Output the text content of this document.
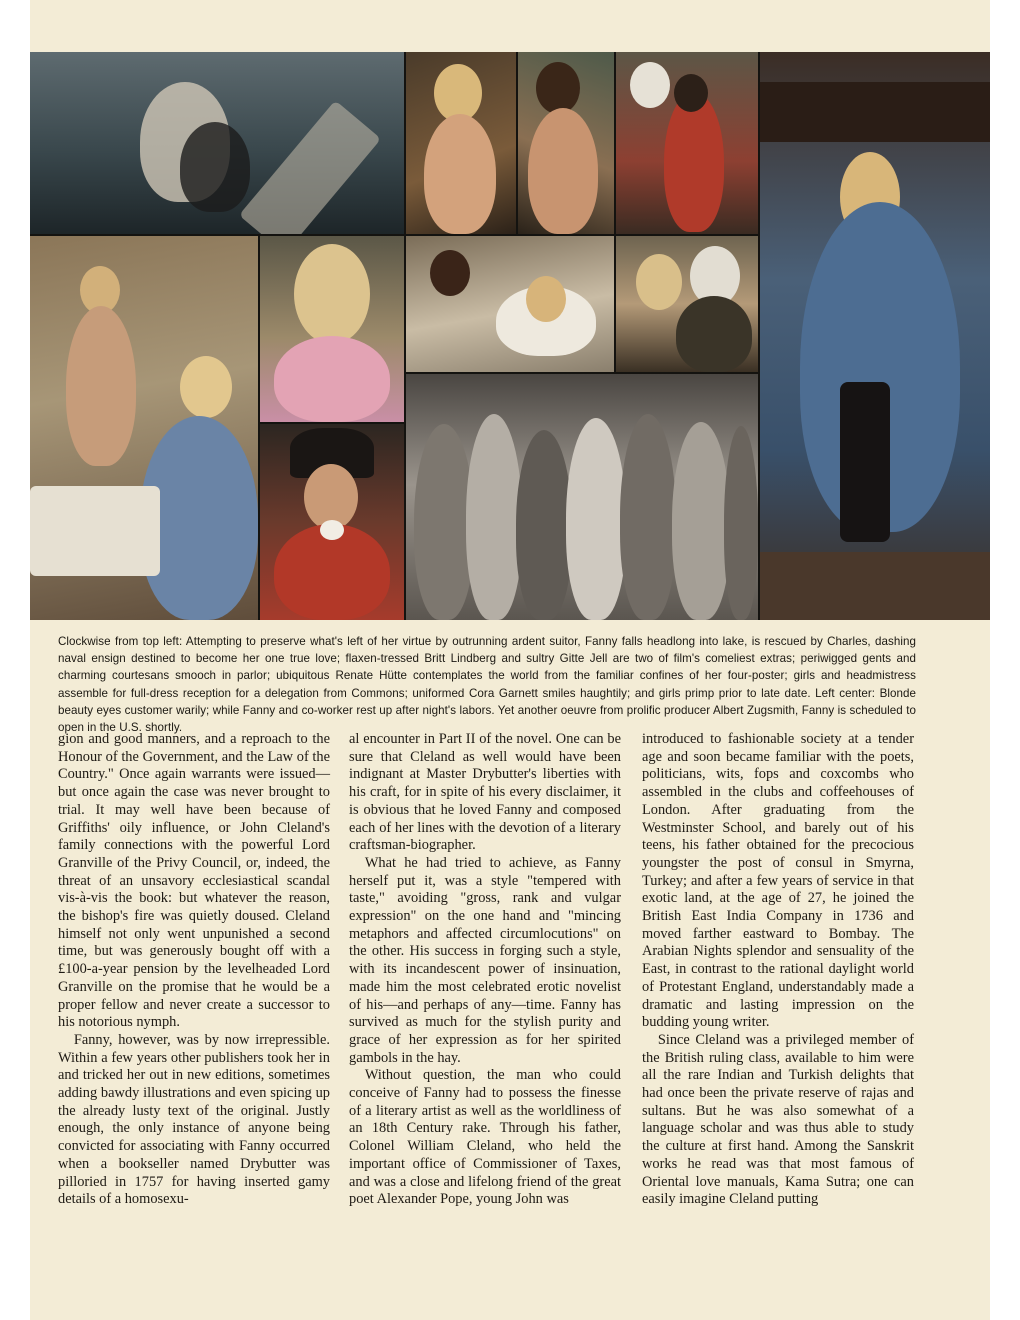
Clockwise from top left: Attempting to preserve what's left of her virtue by outrunning ardent suitor, Fanny falls headlong into lake, is rescued by Charles, dashing naval ensign destined to become her one true love; flaxen-tressed Britt Lindberg and sultry Gitte Jell are two of film's comeliest extras; periwigged gents and charming courtesans smooch in parlor; ubiquitous Renate Hütte contemplates the world from the familiar confines of her four-poster; girls and headmistress assemble for full-dress reception for a delegation from Commons; uniformed Cora Garnett smiles haughtily; and girls primp prior to late date. Left center: Blonde beauty eyes customer warily; while Fanny and co-worker rest up after night's labors. Yet another oeuvre from prolific producer Albert Zugsmith, Fanny is scheduled to open in the U.S. shortly.

gion and good manners, and a reproach to the Honour of the Government, and the Law of the Country." Once again warrants were issued—but once again the case was never brought to trial. It may well have been because of Griffiths' oily influence, or John Cleland's family connections with the powerful Lord Granville of the Privy Council, or, indeed, the threat of an unsavory ecclesiastical scandal vis-à-vis the book: but whatever the reason, the bishop's fire was quietly doused. Cleland himself not only went unpunished a second time, but was generously bought off with a £100-a-year pension by the levelheaded Lord Granville on the promise that he would be a proper fellow and never create a successor to his notorious nymph.

Fanny, however, was by now irrepressible. Within a few years other publishers took her in and tricked her out in new editions, sometimes adding bawdy illustrations and even spicing up the already lusty text of the original. Justly enough, the only instance of anyone being convicted for associating with Fanny occurred when a bookseller named Drybutter was pilloried in 1757 for having inserted gamy details of a homosexu-

al encounter in Part II of the novel. One can be sure that Cleland as well would have been indignant at Master Drybutter's liberties with his craft, for in spite of his every disclaimer, it is obvious that he loved Fanny and composed each of her lines with the devotion of a literary craftsman-biographer.

What he had tried to achieve, as Fanny herself put it, was a style "tempered with taste," avoiding "gross, rank and vulgar expression" on the one hand and "mincing metaphors and affected circumlocutions" on the other. His success in forging such a style, with its incandescent power of insinuation, made him the most celebrated erotic novelist of his—and perhaps of any—time. Fanny has survived as much for the stylish purity and grace of her expression as for her spirited gambols in the hay.

Without question, the man who could conceive of Fanny had to possess the finesse of a literary artist as well as the worldliness of an 18th Century rake. Through his father, Colonel William Cleland, who held the important office of Commissioner of Taxes, and was a close and lifelong friend of the great poet Alexander Pope, young John was

introduced to fashionable society at a tender age and soon became familiar with the poets, politicians, wits, fops and coxcombs who assembled in the clubs and coffeehouses of London. After graduating from the Westminster School, and barely out of his teens, his father obtained for the precocious youngster the post of consul in Smyrna, Turkey; and after a few years of service in that exotic land, at the age of 27, he joined the British East India Company in 1736 and moved farther eastward to Bombay. The Arabian Nights splendor and sensuality of the East, in contrast to the rational daylight world of Protestant England, understandably made a dramatic and lasting impression on the budding young writer.

Since Cleland was a privileged member of the British ruling class, available to him were all the rare Indian and Turkish delights that had once been the private reserve of rajas and sultans. But he was also somewhat of a language scholar and was thus able to study the culture at first hand. Among the Sanskrit works he read was that most famous of Oriental love manuals, Kama Sutra; one can easily imagine Cleland putting
